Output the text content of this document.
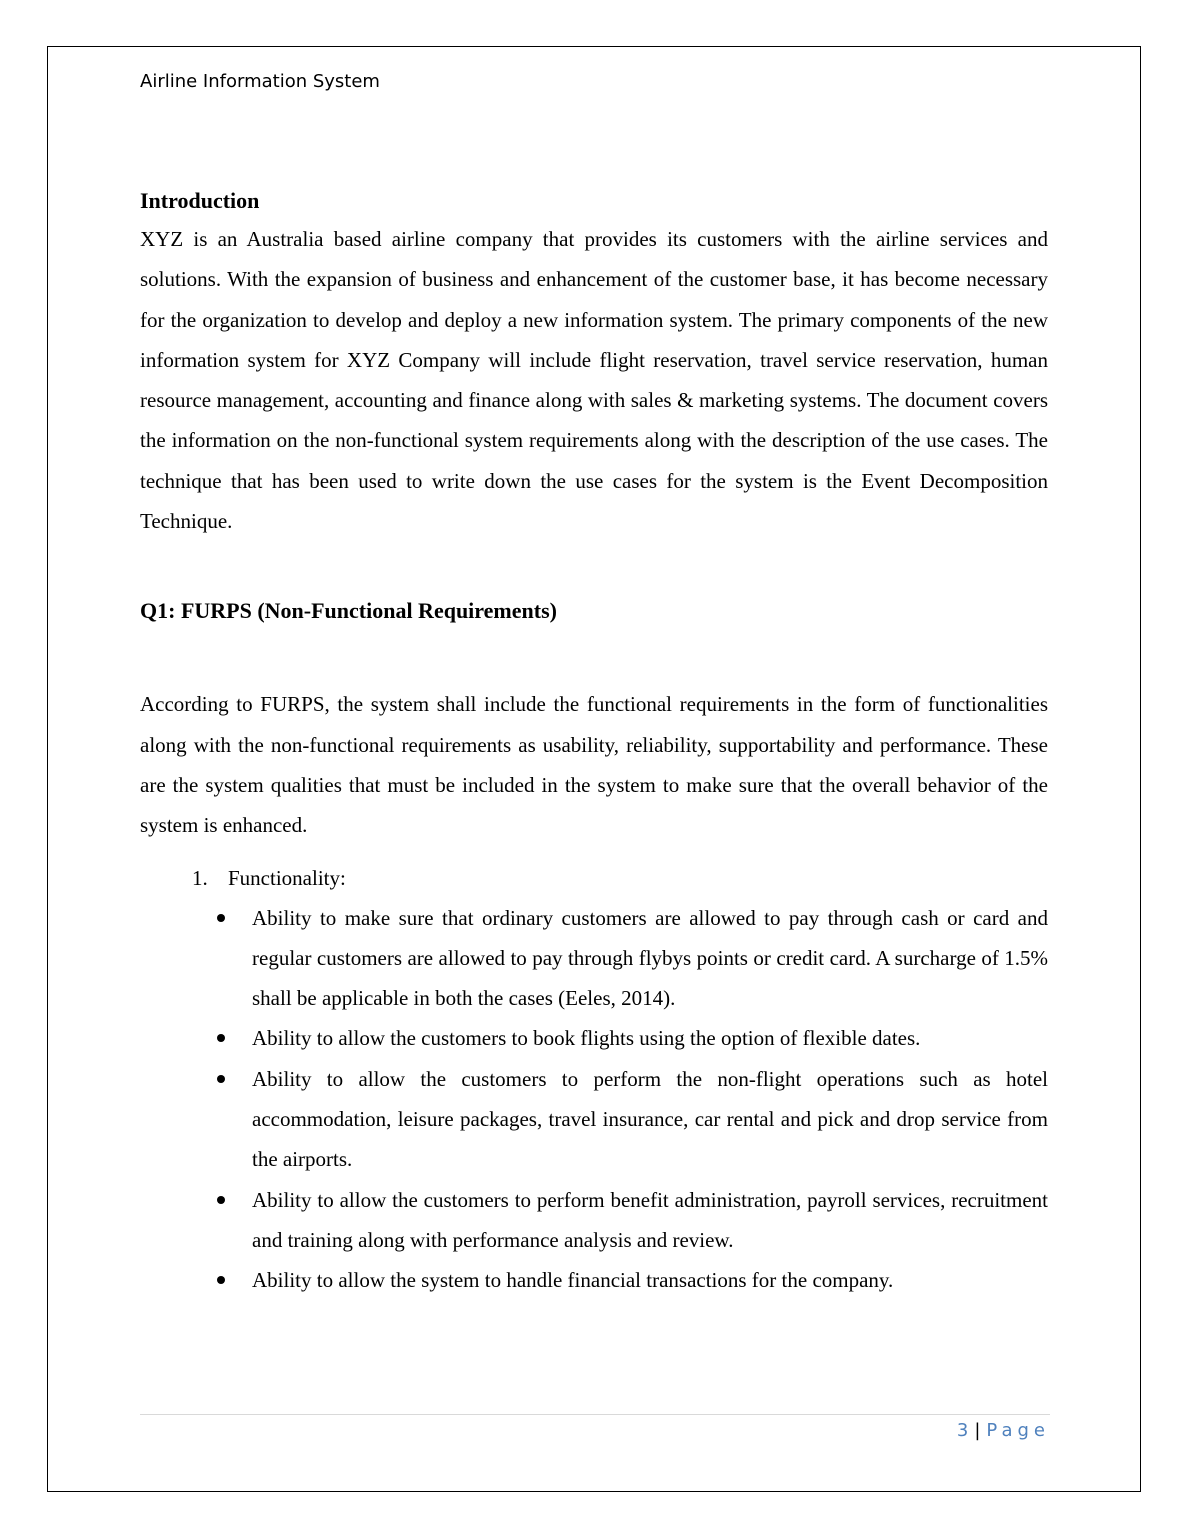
Airline Information System

Introduction

XYZ is an Australia based airline company that provides its customers with the airline services and solutions. With the expansion of business and enhancement of the customer base, it has become necessary for the organization to develop and deploy a new information system. The primary components of the new information system for XYZ Company will include flight reservation, travel service reservation, human resource management, accounting and finance along with sales & marketing systems. The document covers the information on the non-functional system requirements along with the description of the use cases. The technique that has been used to write down the use cases for the system is the Event Decomposition Technique.

Q1: FURPS (Non-Functional Requirements)

According to FURPS, the system shall include the functional requirements in the form of functionalities along with the non-functional requirements as usability, reliability, supportability and performance. These are the system qualities that must be included in the system to make sure that the overall behavior of the system is enhanced.

1. Functionality:
Ability to make sure that ordinary customers are allowed to pay through cash or card and regular customers are allowed to pay through flybys points or credit card. A surcharge of 1.5% shall be applicable in both the cases (Eeles, 2014).
Ability to allow the customers to book flights using the option of flexible dates.
Ability to allow the customers to perform the non-flight operations such as hotel accommodation, leisure packages, travel insurance, car rental and pick and drop service from the airports.
Ability to allow the customers to perform benefit administration, payroll services, recruitment and training along with performance analysis and review.
Ability to allow the system to handle financial transactions for the company.
3 | Page
